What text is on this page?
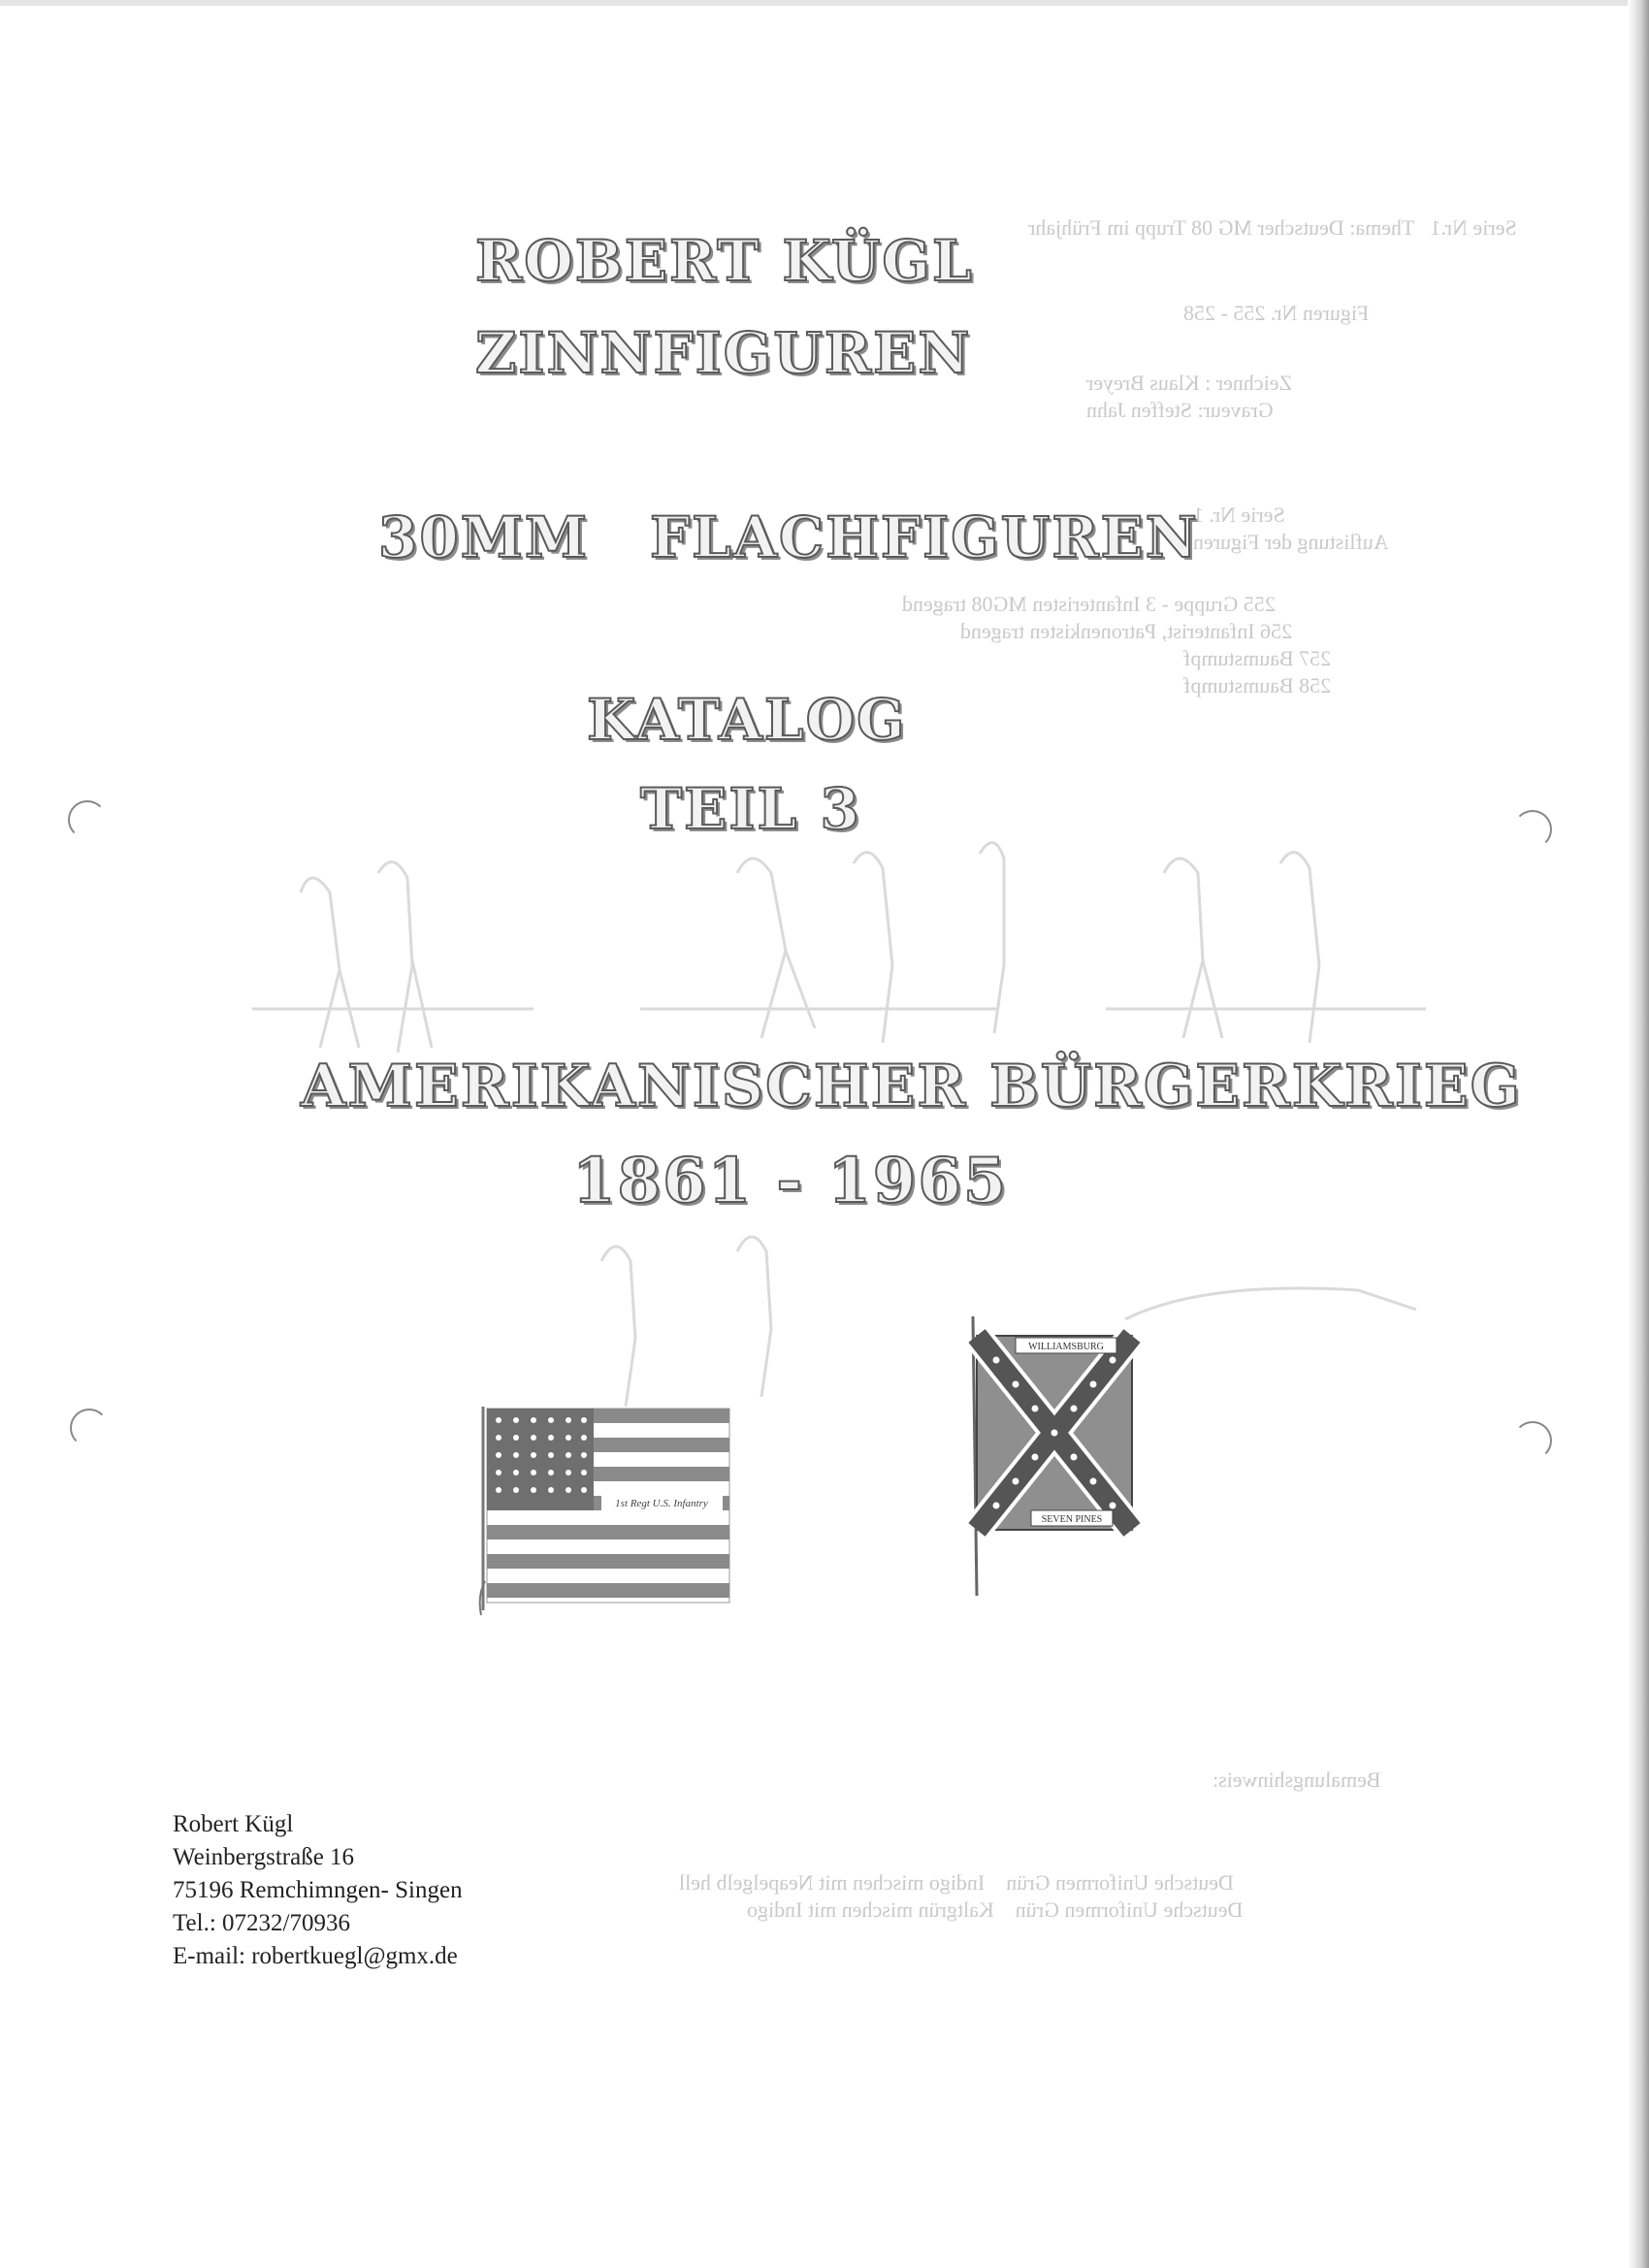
Serie Nr.1   Thema: Deutscher MG 08 Trupp im Frühjahr
Figuren Nr. 255 - 258
Zeichner : Klaus Breyer
Graveur: Steffen Jahn
Serie Nr. 1
Auflistung der Figuren
255 Gruppe - 3 Infanteristen MG08 tragend
256 Infanterist, Patronenkisten tragend
257 Baumstumpf
258 Baumstumpf
Bemalungshinweis:
Deutsche Uniformen Grün    Indigo mischen mit Neapelgelb hell
Deutsche Uniformen Grün    Kaltgrün mischen mit Indigo
ROBERT KÜGL
ZINNFIGUREN
30MM FLACHFIGUREN
KATALOG
TEIL 3
AMERIKANISCHER BÜRGERKRIEG
1861 - 1965
1st Regt U.S. Infantry
WILLIAMSBURG
SEVEN PINES
Robert Kügl
Weinbergstraße 16
75196 Remchimngen- Singen
Tel.: 07232/70936
E-mail: robertkuegl@gmx.de
